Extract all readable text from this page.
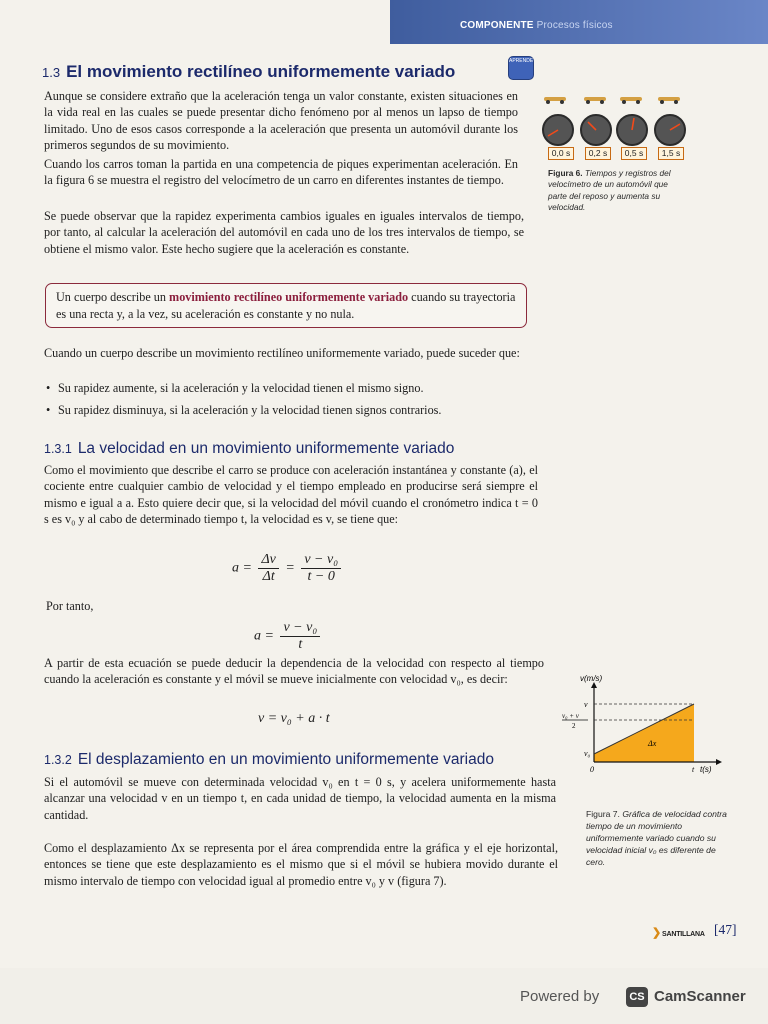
COMPONENTE Procesos físicos
1.3 El movimiento rectilíneo uniformemente variado
APRENDE
Aunque se considere extraño que la aceleración tenga un valor constante, existen situaciones en la vida real en las cuales se puede presentar dicho fenómeno por al menos un lapso de tiempo limitado. Uno de esos casos corresponde a la aceleración que presenta un automóvil durante los primeros segundos de su movimiento.
Cuando los carros toman la partida en una competencia de piques experimentan aceleración. En la figura 6 se muestra el registro del velocímetro de un carro en diferentes instantes de tiempo.
Se puede observar que la rapidez experimenta cambios iguales en iguales intervalos de tiempo, por tanto, al calcular la aceleración del automóvil en cada uno de los tres intervalos de tiempo, se obtiene el mismo valor. Este hecho sugiere que la aceleración es constante.
Un cuerpo describe un movimiento rectilíneo uniformemente variado cuando su trayectoria es una recta y, a la vez, su aceleración es constante y no nula.
Cuando un cuerpo describe un movimiento rectilíneo uniformemente variado, puede suceder que:
• Su rapidez aumente, si la aceleración y la velocidad tienen el mismo signo.
• Su rapidez disminuya, si la aceleración y la velocidad tienen signos contrarios.
1.3.1 La velocidad en un movimiento uniformemente variado
Como el movimiento que describe el carro se produce con aceleración instantánea y constante (a), el cociente entre cualquier cambio de velocidad y el tiempo empleado en producirse será siempre el mismo e igual a a. Esto quiere decir que, si la velocidad del móvil cuando el cronómetro indica t = 0 s es v₀ y al cabo de determinado tiempo t, la velocidad es v, se tiene que:
$a = \frac{\Delta v}{\Delta t} = \frac{\text{v − v₀}}{t - 0}$
Por tanto,
$a = \frac{\text{v − v₀}}{t}$
A partir de esta ecuación se puede deducir la dependencia de la velocidad con respecto al tiempo cuando la aceleración es constante y el móvil se mueve inicialmente con velocidad v₀, es decir:
v = v₀ + a · t
1.3.2 El desplazamiento en un movimiento uniformemente variado
Si el automóvil se mueve con determinada velocidad v₀ en t = 0 s, y acelera uniformemente hasta alcanzar una velocidad v en un tiempo t, en cada unidad de tiempo, la velocidad aumenta en la misma cantidad.
Como el desplazamiento Δx se representa por el área comprendida entre la gráfica y el eje horizontal, entonces se tiene que este desplazamiento es el mismo que si el móvil se hubiera movido durante el mismo intervalo de tiempo con velocidad igual al promedio entre v₀ y v (figura 7).
0,0 s	0,2 s	0,5 s	1,5 s
Figura 6. Tiempos y registros del velocímetro de un automóvil que parte del reposo y aumenta su velocidad.
v(m/s)
t(s)
v
v₀ + v
2
v₀
0	t
Δx
Figura 7. Gráfica de velocidad contra tiempo de un movimiento uniformemente variado cuando su velocidad inicial v₀ es diferente de cero.
❯SANTILLANA [47]
Powered by	CS CamScanner
